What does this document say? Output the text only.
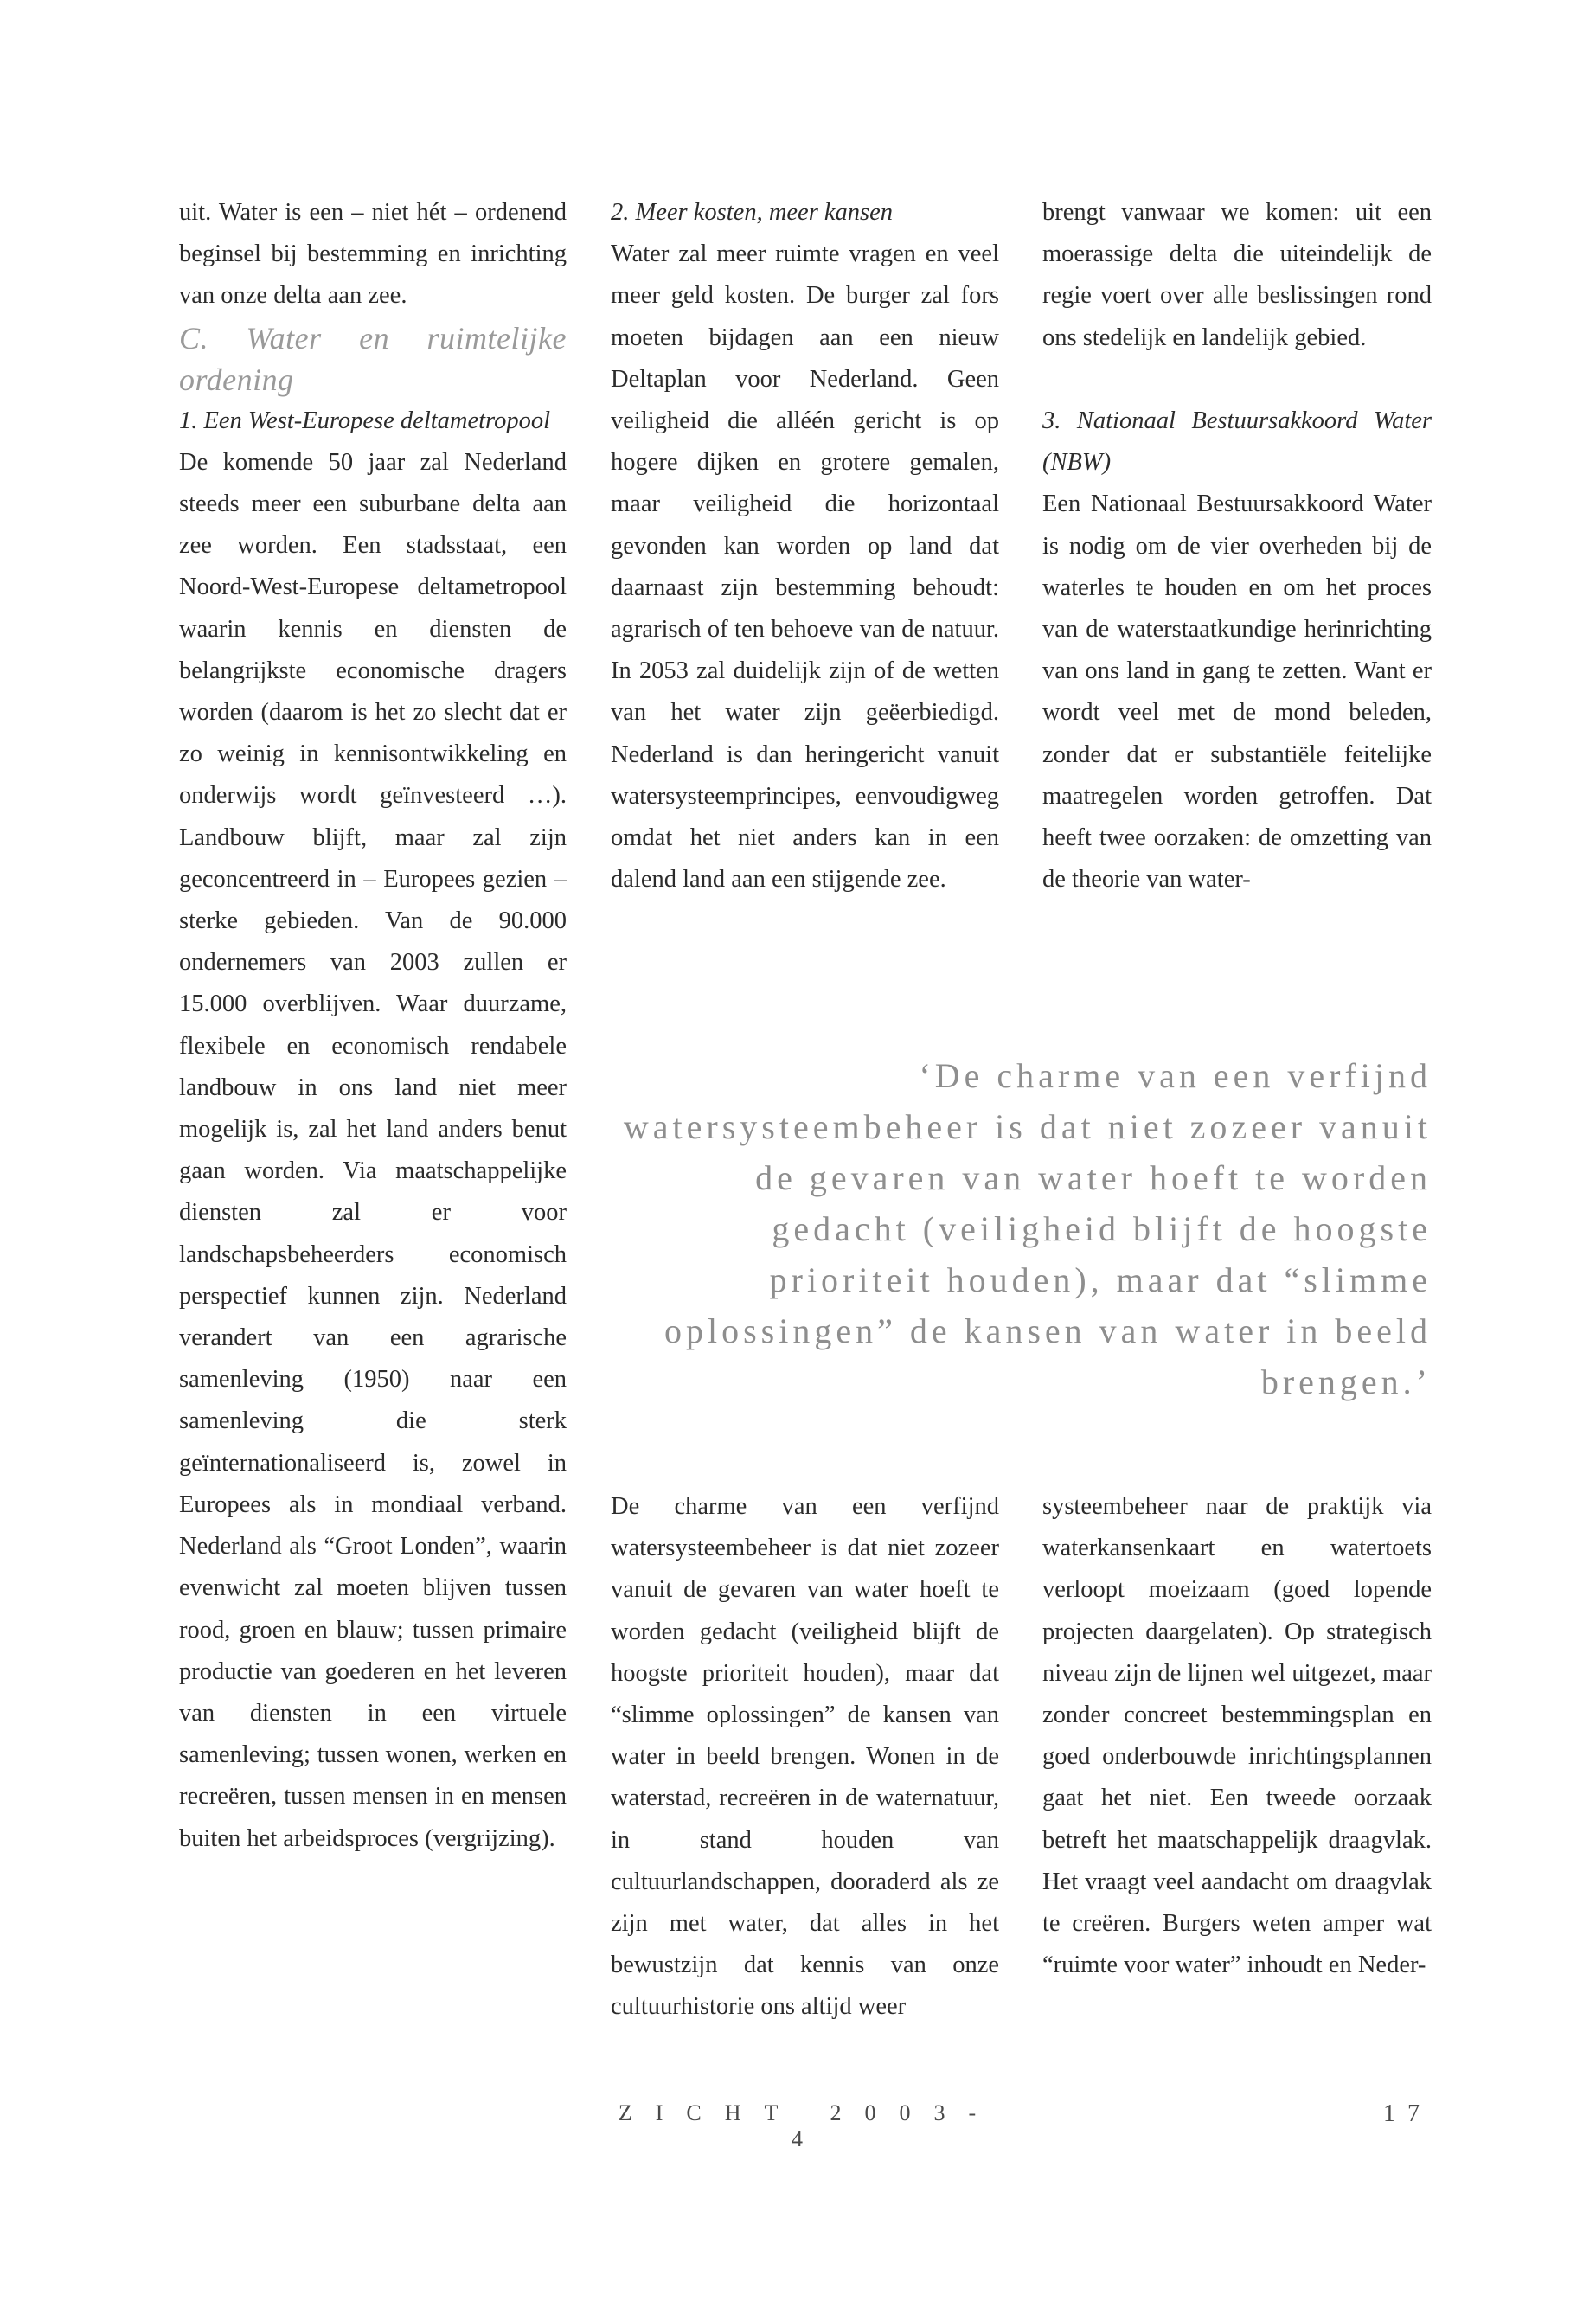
uit. Water is een – niet hét – ordenend beginsel bij bestemming en inrichting van onze delta aan zee.

C. Water en ruimtelijke ordening

1. Een West-Europese deltametropool

De komende 50 jaar zal Nederland steeds meer een suburbane delta aan zee worden. Een stadsstaat, een Noord-West-Europese deltametropool waarin kennis en diensten de belangrijkste economische dragers worden (daarom is het zo slecht dat er zo weinig in kennisontwikkeling en onderwijs wordt geïnvesteerd …). Landbouw blijft, maar zal zijn geconcentreerd in – Europees gezien – sterke gebieden. Van de 90.000 ondernemers van 2003 zullen er 15.000 overblijven. Waar duurzame, flexibele en economisch rendabele landbouw in ons land niet meer mogelijk is, zal het land anders benut gaan worden. Via maatschappelijke diensten zal er voor landschapsbeheerders economisch perspectief kunnen zijn. Nederland verandert van een agrarische samenleving (1950) naar een samenleving die sterk geïnternationaliseerd is, zowel in Europees als in mondiaal verband. Nederland als “Groot Londen”, waarin evenwicht zal moeten blijven tussen rood, groen en blauw; tussen primaire productie van goederen en het leveren van diensten in een virtuele samenleving; tussen wonen, werken en recreëren, tussen mensen in en mensen buiten het arbeidsproces (vergrijzing).

2. Meer kosten, meer kansen

Water zal meer ruimte vragen en veel meer geld kosten. De burger zal fors moeten bijdagen aan een nieuw Deltaplan voor Nederland. Geen veiligheid die alléén gericht is op hogere dijken en grotere gemalen, maar veiligheid die horizontaal gevonden kan worden op land dat daarnaast zijn bestemming behoudt: agrarisch of ten behoeve van de natuur. In 2053 zal duidelijk zijn of de wetten van het water zijn geëerbiedigd. Nederland is dan heringericht vanuit watersysteemprincipes, eenvoudigweg omdat het niet anders kan in een dalend land aan een stijgende zee.

brengt vanwaar we komen: uit een moerassige delta die uiteindelijk de regie voert over alle beslissingen rond ons stedelijk en landelijk gebied.

3. Nationaal Bestuursakkoord Water (NBW)

Een Nationaal Bestuursakkoord Water is nodig om de vier overheden bij de waterles te houden en om het proces van de waterstaatkundige herinrichting van ons land in gang te zetten. Want er wordt veel met de mond beleden, zonder dat er substantiële feitelijke maatregelen worden getroffen. Dat heeft twee oorzaken: de omzetting van de theorie van water-

‘De charme van een verfijnd watersysteembeheer is dat niet zozeer vanuit de gevaren van water hoeft te worden gedacht (veiligheid blijft de hoogste prioriteit houden), maar dat “slimme oplossingen” de kansen van water in beeld brengen.’

De charme van een verfijnd watersysteembeheer is dat niet zozeer vanuit de gevaren van water hoeft te worden gedacht (veiligheid blijft de hoogste prioriteit houden), maar dat “slimme oplossingen” de kansen van water in beeld brengen. Wonen in de waterstad, recreëren in de waternatuur, in stand houden van cultuurlandschappen, dooraderd als ze zijn met water, dat alles in het bewustzijn dat kennis van onze cultuurhistorie ons altijd weer

systeembeheer naar de praktijk via waterkansenkaart en watertoets verloopt moeizaam (goed lopende projecten daargelaten). Op strategisch niveau zijn de lijnen wel uitgezet, maar zonder concreet bestemmingsplan en goed onderbouwde inrichtingsplannen gaat het niet. Een tweede oorzaak betreft het maatschappelijk draagvlak. Het vraagt veel aandacht om draagvlak te creëren. Burgers weten amper wat “ruimte voor water” inhoudt en Neder-

ZICHT 2003-4
17
